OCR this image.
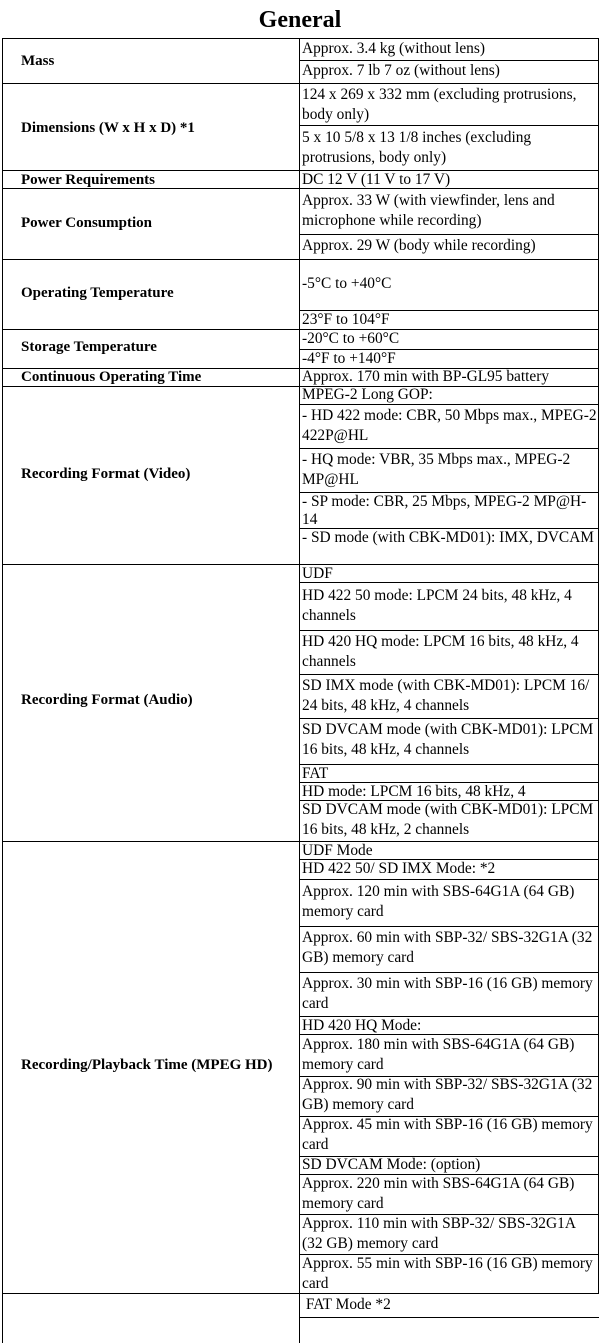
General
Mass
Dimensions (W x H x D) *1
Power Requirements
Power Consumption
Operating Temperature
Storage Temperature
Continuous Operating Time
Recording Format (Video)
Recording Format (Audio)
Recording/Playback Time (MPEG HD)
Approx. 3.4 kg (without lens)
Approx. 7 lb 7 oz (without lens)
124 x 269 x 332 mm (excluding protrusions, body only)
5 x 10 5/8 x 13 1/8 inches (excluding protrusions, body only)
DC 12 V (11 V to 17 V)
Approx. 33 W (with viewfinder, lens and microphone while recording)
Approx. 29 W (body while recording)
-5°C to +40°C
23°F to 104°F
-20°C to +60°C
-4°F to +140°F
Approx. 170 min with BP-GL95 battery
MPEG-2 Long GOP:
- HD 422 mode: CBR, 50 Mbps max., MPEG-2 422P@HL
- HQ mode: VBR, 35 Mbps max., MPEG-2 MP@HL
- SP mode: CBR, 25 Mbps, MPEG-2 MP@H-14
- SD mode (with CBK-MD01): IMX, DVCAM
UDF
HD 422 50 mode: LPCM 24 bits, 48 kHz, 4 channels
HD 420 HQ mode: LPCM 16 bits, 48 kHz, 4 channels
SD IMX mode (with CBK-MD01): LPCM 16/ 24 bits, 48 kHz, 4 channels
SD DVCAM mode (with CBK-MD01): LPCM 16 bits, 48 kHz, 4 channels
FAT
HD mode: LPCM 16 bits, 48 kHz, 4
SD DVCAM mode (with CBK-MD01): LPCM 16 bits, 48 kHz, 2 channels
UDF Mode
HD 422 50/ SD IMX Mode: *2
Approx. 120 min with SBS-64G1A (64 GB) memory card
Approx. 60 min with SBP-32/ SBS-32G1A (32 GB) memory card
Approx. 30 min with SBP-16 (16 GB) memory card
HD 420 HQ Mode:
Approx. 180 min with SBS-64G1A (64 GB) memory card
Approx. 90 min with SBP-32/ SBS-32G1A (32 GB) memory card
Approx. 45 min with SBP-16 (16 GB) memory card
SD DVCAM Mode: (option)
Approx. 220 min with SBS-64G1A (64 GB) memory card
Approx. 110 min with SBP-32/ SBS-32G1A (32 GB) memory card
Approx. 55 min with SBP-16 (16 GB) memory card
FAT Mode *2
